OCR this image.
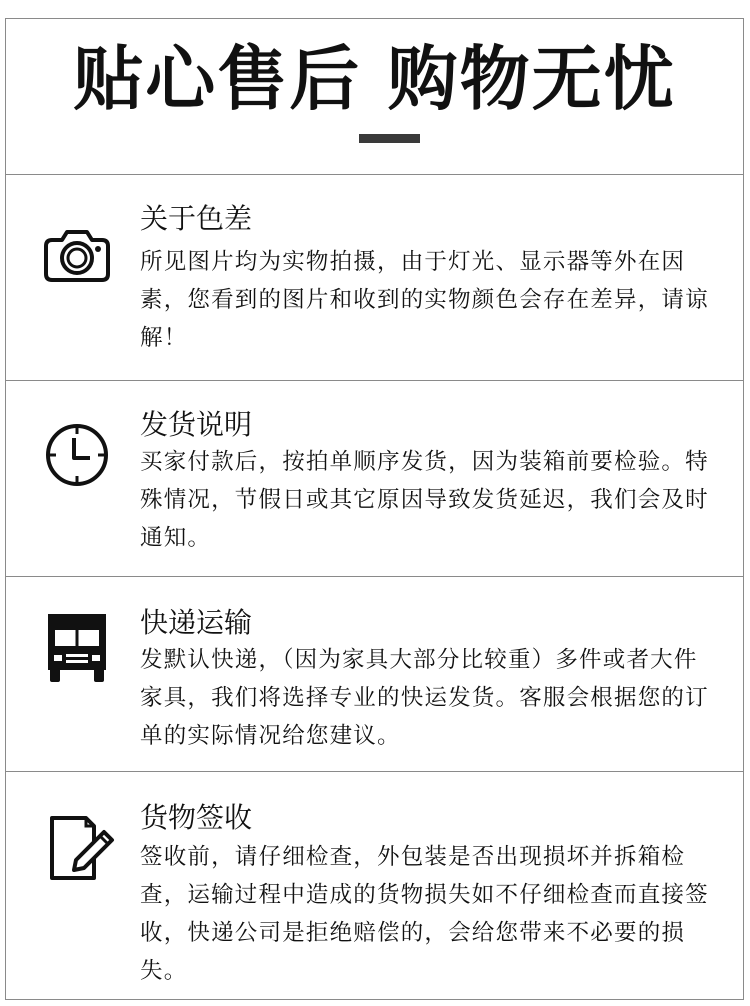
贴心售后 购物无忧
关于色差
所见图片均为实物拍摄，由于灯光、显示器等外在因素，您看到的图片和收到的实物颜色会存在差异，请谅解！
发货说明
买家付款后，按拍单顺序发货，因为装箱前要检验。特殊情况，节假日或其它原因导致发货延迟，我们会及时通知。
快递运输
发默认快递，（因为家具大部分比较重）多件或者大件家具，我们将选择专业的快运发货。客服会根据您的订单的实际情况给您建议。
货物签收
签收前，请仔细检查，外包装是否出现损坏并拆箱检查，运输过程中造成的货物损失如不仔细检查而直接签收，快递公司是拒绝赔偿的，会给您带来不必要的损失。
